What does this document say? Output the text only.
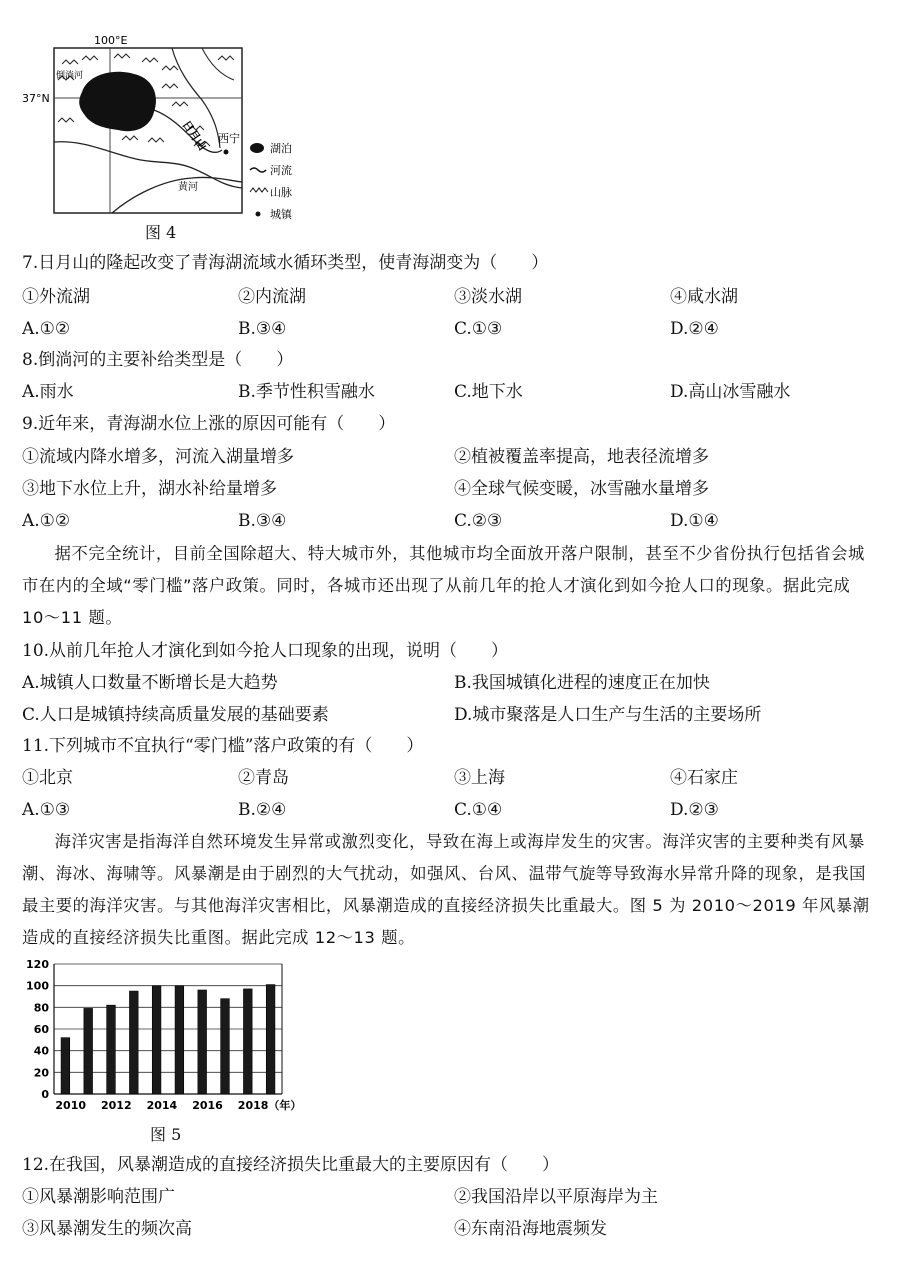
100°E
37°N
倒淌河
日月山 西宁
黄河
湖泊
河流
山脉
城镇
图 4
7.日月山的隆起改变了青海湖流域水循环类型，使青海湖变为（　　）
①外流湖	②内流湖	③淡水湖	④咸水湖
A.①②	B.③④	C.①③	D.②④
8.倒淌河的主要补给类型是（　　）
A.雨水	B.季节性积雪融水	C.地下水	D.高山冰雪融水
9.近年来，青海湖水位上涨的原因可能有（　　）
①流域内降水增多，河流入湖量增多	②植被覆盖率提高，地表径流增多
③地下水位上升，湖水补给量增多	④全球气候变暖，冰雪融水量增多
A.①②	B.③④	C.②③	D.①④
据不完全统计，目前全国除超大、特大城市外，其他城市均全面放开落户限制，甚至不少省份执行包括省会城市在内的全域“零门槛”落户政策。同时，各城市还出现了从前几年的抢人才演化到如今抢人口的现象。据此完成 10～11 题。
10.从前几年抢人才演化到如今抢人口现象的出现，说明（　　）
A.城镇人口数量不断增长是大趋势	B.我国城镇化进程的速度正在加快
C.人口是城镇持续高质量发展的基础要素	D.城市聚落是人口生产与生活的主要场所
11.下列城市不宜执行“零门槛”落户政策的有（　　）
①北京	②青岛	③上海	④石家庄
A.①③	B.②④	C.①④	D.②③
海洋灾害是指海洋自然环境发生异常或激烈变化，导致在海上或海岸发生的灾害。海洋灾害的主要种类有风暴潮、海冰、海啸等。风暴潮是由于剧烈的大气扰动，如强风、台风、温带气旋等导致海水异常升降的现象，是我国最主要的海洋灾害。与其他海洋灾害相比，风暴潮造成的直接经济损失比重最大。图 5 为 2010～2019 年风暴潮造成的直接经济损失比重图。据此完成 12～13 题。
0
20
40
60
80
100
120
2010 2012 2014 2016 2018（年）
图 5
12.在我国，风暴潮造成的直接经济损失比重最大的主要原因有（　　）
①风暴潮影响范围广	②我国沿岸以平原海岸为主
③风暴潮发生的频次高	④东南沿海地震频发
